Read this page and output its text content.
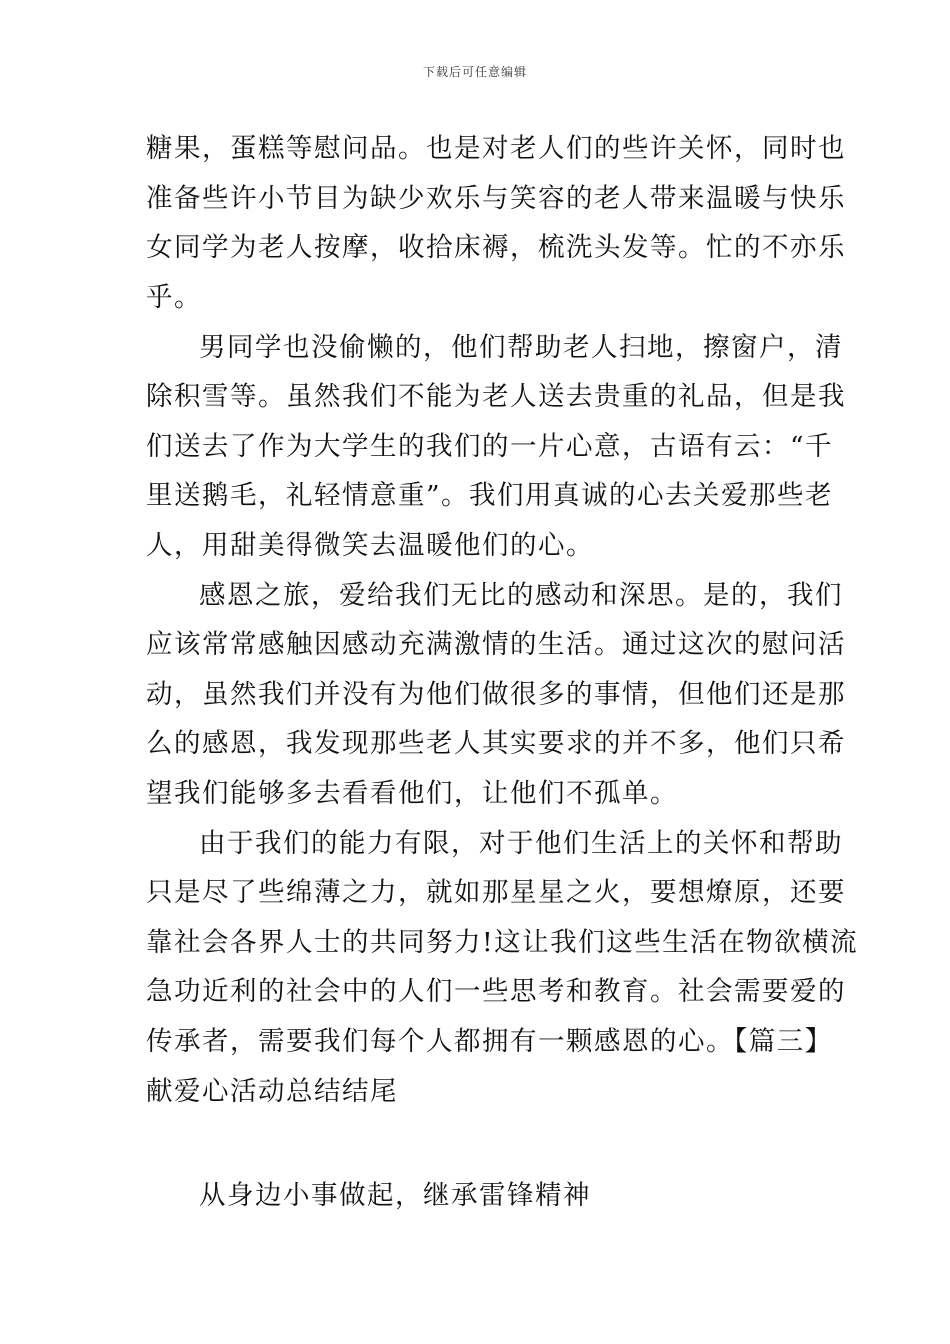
下载后可任意编辑
糖果，蛋糕等慰问品。也是对老人们的些许关怀，同时也
准备些许小节目为缺少欢乐与笑容的老人带来温暖与快乐
女同学为老人按摩，收拾床褥，梳洗头发等。忙的不亦乐
乎。
男同学也没偷懒的，他们帮助老人扫地，擦窗户，清
除积雪等。虽然我们不能为老人送去贵重的礼品，但是我
们送去了作为大学生的我们的一片心意，古语有云：“千
里送鹅毛，礼轻情意重”。我们用真诚的心去关爱那些老
人，用甜美得微笑去温暖他们的心。
感恩之旅，爱给我们无比的感动和深思。是的，我们
应该常常感触因感动充满激情的生活。通过这次的慰问活
动，虽然我们并没有为他们做很多的事情，但他们还是那
么的感恩，我发现那些老人其实要求的并不多，他们只希
望我们能够多去看看他们，让他们不孤单。
由于我们的能力有限，对于他们生活上的关怀和帮助
只是尽了些绵薄之力，就如那星星之火，要想燎原，还要
靠社会各界人士的共同努力!这让我们这些生活在物欲横流
急功近利的社会中的人们一些思考和教育。社会需要爱的
传承者，需要我们每个人都拥有一颗感恩的心。【篇三】
献爱心活动总结结尾
从身边小事做起，继承雷锋精神
